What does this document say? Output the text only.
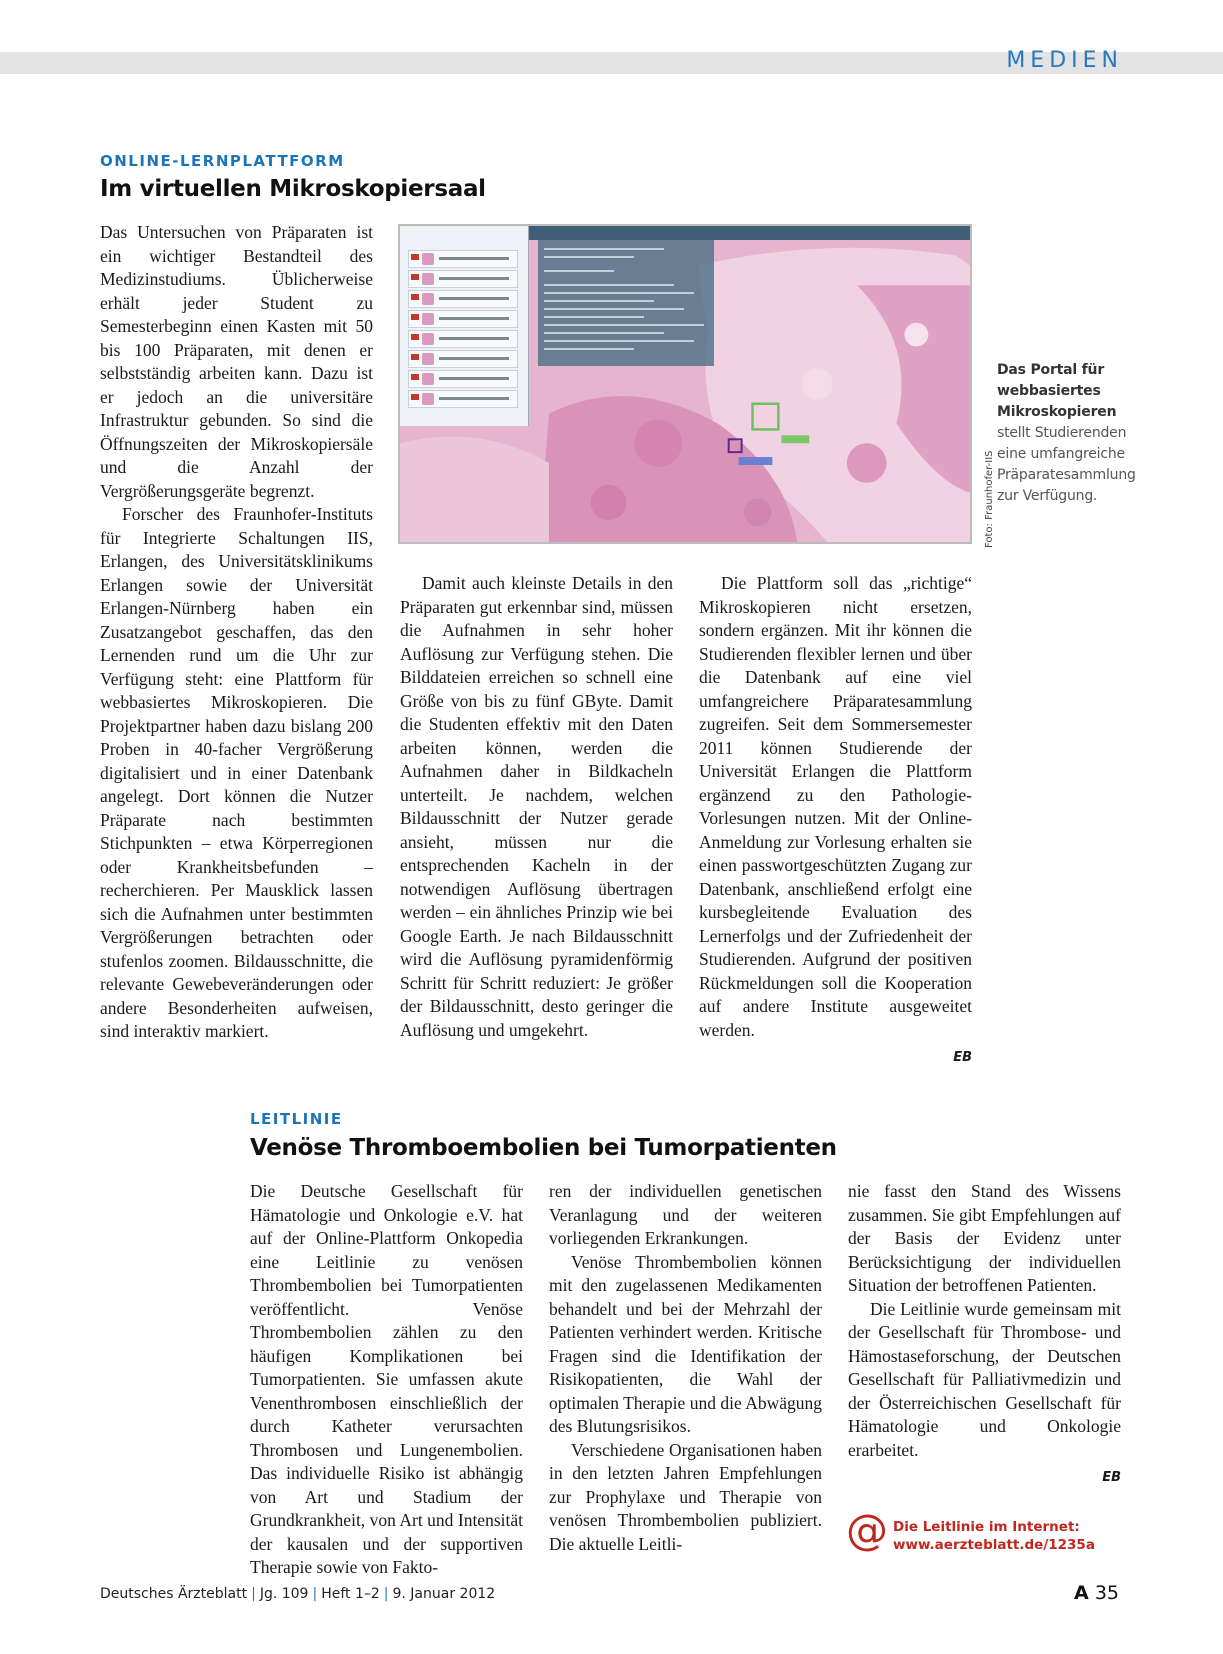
MEDIEN
ONLINE-LERNPLATTFORM
Im virtuellen Mikroskopiersaal

Das Untersuchen von Präparaten ist ein wichtiger Bestandteil des Medizinstudiums. Üblicherweise erhält jeder Student zu Semesterbeginn einen Kasten mit 50 bis 100 Präparaten, mit denen er selbstständig arbeiten kann. Dazu ist er jedoch an die universitäre Infrastruktur gebunden. So sind die Öffnungszeiten der Mikroskopiersäle und die Anzahl der Vergrößerungsgeräte begrenzt.

Forscher des Fraunhofer-Instituts für Integrierte Schaltungen IIS, Erlangen, des Universitätsklinikums Erlangen sowie der Universität Erlangen-Nürnberg haben ein Zusatzangebot geschaffen, das den Lernenden rund um die Uhr zur Verfügung steht: eine Plattform für webbasiertes Mikroskopieren. Die Projektpartner haben dazu bislang 200 Proben in 40-facher Vergrößerung digitalisiert und in einer Datenbank angelegt. Dort können die Nutzer Präparate nach bestimmten Stichpunkten – etwa Körperregionen oder Krankheitsbefunden – recherchieren. Per Mausklick lassen sich die Aufnahmen unter bestimmten Vergrößerungen betrachten oder stufenlos zoomen. Bildausschnitte, die relevante Gewebeveränderungen oder andere Besonderheiten aufweisen, sind interaktiv markiert.

Foto: Fraunhofer-IIS
Das Portal für webbasiertes Mikroskopieren stellt Studierenden eine umfangreiche Präparatesammlung zur Verfügung.

Damit auch kleinste Details in den Präparaten gut erkennbar sind, müssen die Aufnahmen in sehr hoher Auflösung zur Verfügung stehen. Die Bilddateien erreichen so schnell eine Größe von bis zu fünf GByte. Damit die Studenten effektiv mit den Daten arbeiten können, werden die Aufnahmen daher in Bildkacheln unterteilt. Je nachdem, welchen Bildausschnitt der Nutzer gerade ansieht, müssen nur die entsprechenden Kacheln in der notwendigen Auflösung übertragen werden – ein ähnliches Prinzip wie bei Google Earth. Je nach Bildausschnitt wird die Auflösung pyramidenförmig Schritt für Schritt reduziert: Je größer der Bildausschnitt, desto geringer die Auflösung und umgekehrt.

Die Plattform soll das „richtige“ Mikroskopieren nicht ersetzen, sondern ergänzen. Mit ihr können die Studierenden flexibler lernen und über die Datenbank auf eine viel umfangreichere Präparatesammlung zugreifen. Seit dem Sommersemester 2011 können Studierende der Universität Erlangen die Plattform ergänzend zu den Pathologie-Vorlesungen nutzen. Mit der Online-Anmeldung zur Vorlesung erhalten sie einen passwortgeschützten Zugang zur Datenbank, anschließend erfolgt eine kursbegleitende Evaluation des Lernerfolgs und der Zufriedenheit der Studierenden. Aufgrund der positiven Rückmeldungen soll die Kooperation auf andere Institute ausgeweitet werden.

EB
LEITLINIE
Venöse Thromboembolien bei Tumorpatienten

Die Deutsche Gesellschaft für Hämatologie und Onkologie e.V. hat auf der Online-Plattform Onkopedia eine Leitlinie zu venösen Thrombembolien bei Tumorpatienten veröffentlicht. Venöse Thrombembolien zählen zu den häufigen Komplikationen bei Tumorpatienten. Sie umfassen akute Venenthrombosen einschließlich der durch Katheter verursachten Thrombosen und Lungenembolien. Das individuelle Risiko ist abhängig von Art und Stadium der Grundkrankheit, von Art und Intensität der kausalen und der supportiven Therapie sowie von Fakto-

ren der individuellen genetischen Veranlagung und der weiteren vorliegenden Erkrankungen.

Venöse Thrombembolien können mit den zugelassenen Medikamenten behandelt und bei der Mehrzahl der Patienten verhindert werden. Kritische Fragen sind die Identifikation der Risikopatienten, die Wahl der optimalen Therapie und die Abwägung des Blutungsrisikos.

Verschiedene Organisationen haben in den letzten Jahren Empfehlungen zur Prophylaxe und Therapie von venösen Thrombembolien publiziert. Die aktuelle Leitli-

nie fasst den Stand des Wissens zusammen. Sie gibt Empfehlungen auf der Basis der Evidenz unter Berücksichtigung der individuellen Situation der betroffenen Patienten.

Die Leitlinie wurde gemeinsam mit der Gesellschaft für Thrombose- und Hämostaseforschung, der Deutschen Gesellschaft für Palliativmedizin und der Österreichischen Gesellschaft für Hämatologie und Onkologie erarbeitet.

EB
@ Die Leitlinie im Internet:
www.aerzteblatt.de/1235a
Deutsches Ärzteblatt | Jg. 109 | Heft 1–2 | 9. Januar 2012	A 35
